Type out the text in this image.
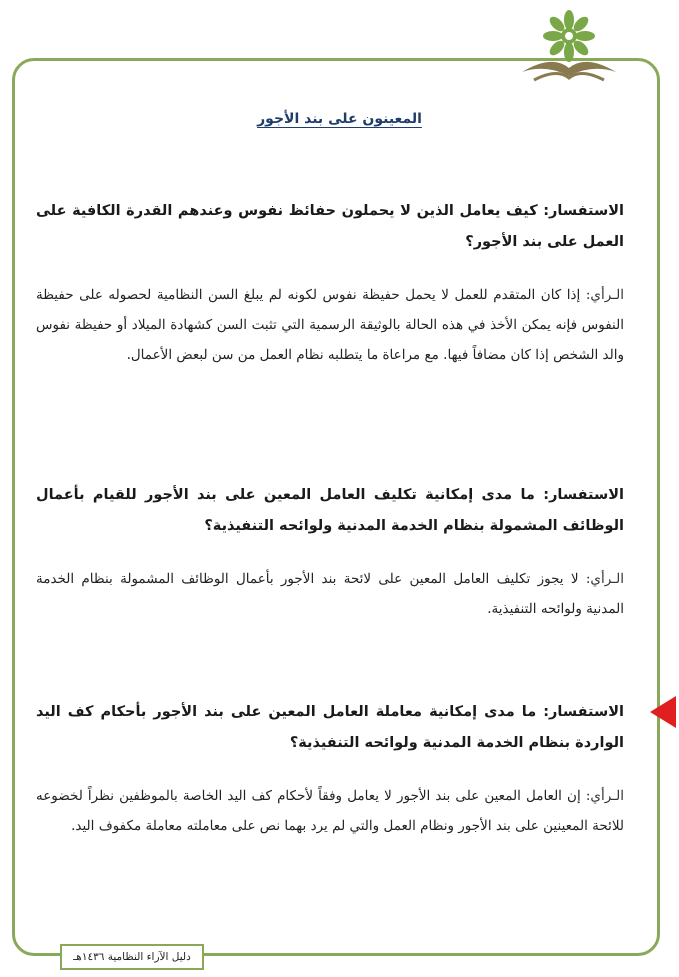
المعينون على بند الأجور
الاستفسار: كيف يعامل الذين لا يحملون حفائظ نفوس وعندهم القدرة الكافية على العمل على بند الأجور؟
الـرأي: إذا كان المتقدم للعمل لا يحمل حفيظة نفوس لكونه لم يبلغ السن النظامية لحصوله على حفيظة النفوس فإنه يمكن الأخذ في هذه الحالة بالوثيقة الرسمية التي تثبت السن كشهادة الميلاد أو حفيظة نفوس والد الشخص إذا كان مضافاً فيها. مع مراعاة ما يتطلبه نظام العمل من سن لبعض الأعمال.
الاستفسار: ما مدى إمكانية تكليف العامل المعين على بند الأجور للقيام بأعمال الوظائف المشمولة بنظام الخدمة المدنية ولوائحه التنفيذية؟
الـرأي: لا يجوز تكليف العامل المعين على لائحة بند الأجور بأعمال الوظائف المشمولة بنظام الخدمة المدنية ولوائحه التنفيذية.
الاستفسار: ما مدى إمكانية معاملة العامل المعين على بند الأجور بأحكام كف اليد الواردة بنظام الخدمة المدنية ولوائحه التنفيذية؟
الـرأي: إن العامل المعين على بند الأجور لا يعامل وفقاً لأحكام كف اليد الخاصة بالموظفين نظراً لخضوعه للائحة المعينين على بند الأجور ونظام العمل والتي لم يرد بهما نص على معاملته معاملة مكفوف اليد.
دليل الآراء النظامية ١٤٣٦هـ
